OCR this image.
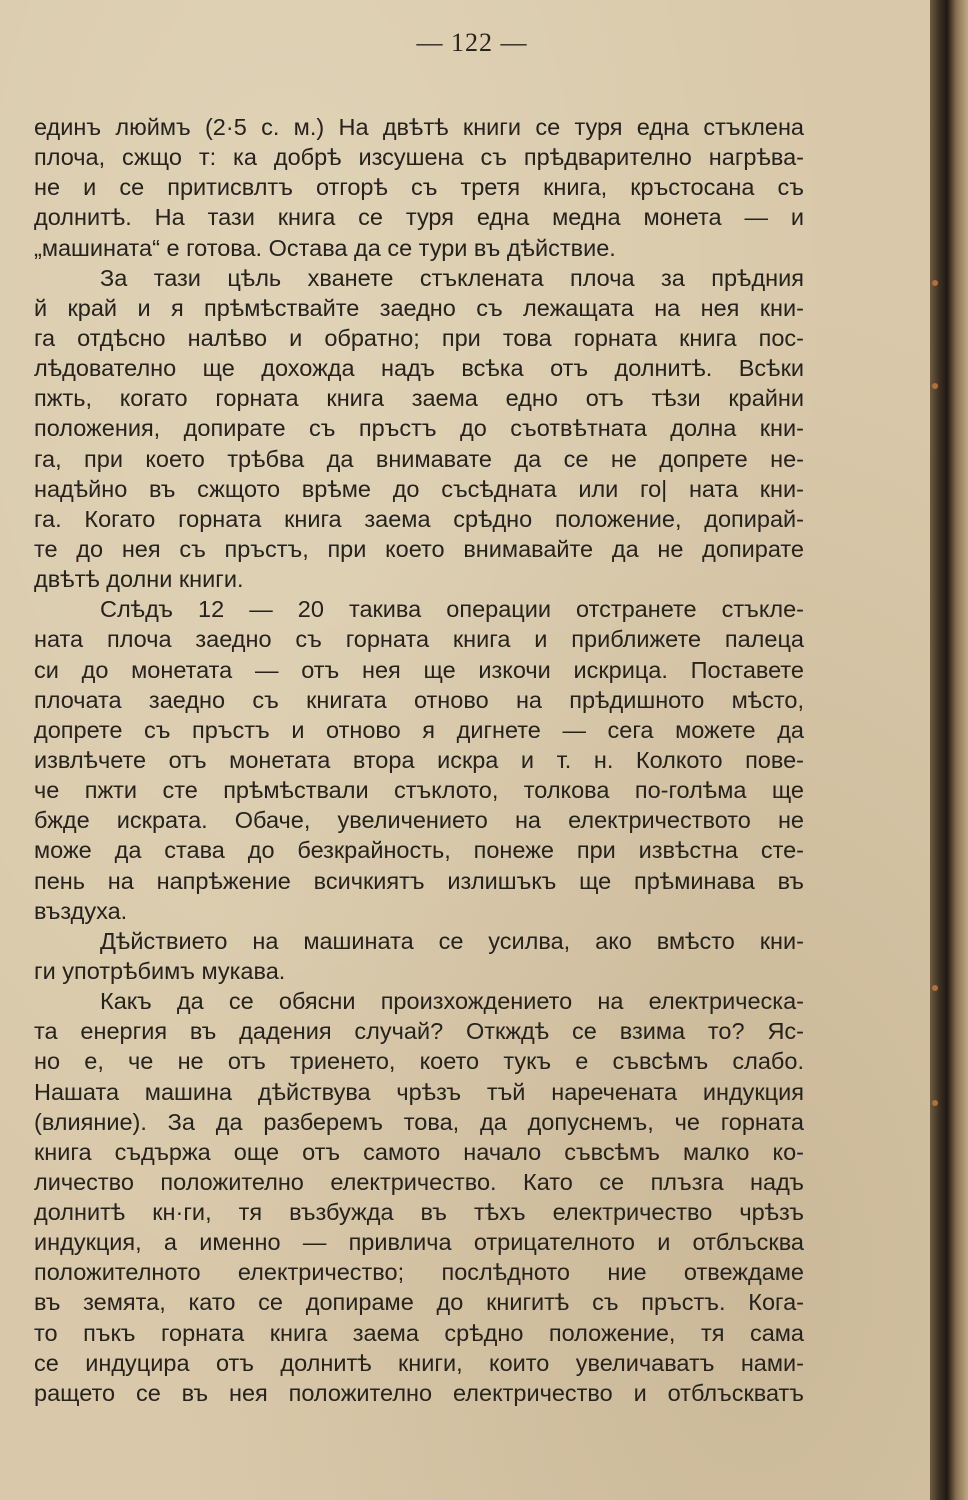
— 122 —
единъ люймъ (2·5 с. м.) На двѣтѣ книги се туря една стъклена
плоча, сжщо т: ка добрѣ изсушена съ прѣдварително нагрѣва-
не и се притисвлтъ отгорѣ съ третя книга, кръстосана съ
долнитѣ. На тази книга се туря една медна монета — и
„машината“ е готова. Остава да се тури въ дѣйствие.
За тази цѣль хванете стъклената плоча за прѣдния
й край и я прѣмѣствайте заедно съ лежащата на нея кни-
га отдѣсно налѣво и обратно; при това горната книга пос-
лѣдователно ще дохожда надъ всѣка отъ долнитѣ. Всѣки
пжть, когато горната книга заема едно отъ тѣзи крайни
положения, допирате съ пръстъ до съотвѣтната долна кни-
га, при което трѣбва да внимавате да се не допрете не-
надѣйно въ сжщото врѣме до съсѣдната или го| ната кни-
га. Когато горната книга заема срѣдно положение, допирай-
те до нея съ пръстъ, при което внимавайте да не допирате
двѣтѣ долни книги.
Слѣдъ 12 — 20 такива операции отстранете стъкле-
ната плоча заедно съ горната книга и приближете палеца
си до монетата — отъ нея ще изкочи искрица. Поставете
плочата заедно съ книгата отново на прѣдишното мѣсто,
допрете съ пръстъ и отново я дигнете — сега можете да
извлѣчете отъ монетата втора искра и т. н. Колкото пове-
че пжти сте прѣмѣствали стъклото, толкова по-голѣма ще
бжде искрата. Обаче, увеличението на електричеството не
може да става до безкрайность, понеже при извѣстна сте-
пень на напрѣжение всичкиятъ излишъкъ ще прѣминава въ
въздуха.
Дѣйствието на машината се усилва, ако вмѣсто кни-
ги употрѣбимъ мукава.
Какъ да се обясни произхождението на електрическа-
та енергия въ дадения случай? Откждѣ се взима то? Яс-
но е, че не отъ триенето, което тукъ е съвсѣмъ слабо.
Нашата машина дѣйствува чрѣзъ тъй наречената индукция
(влияние). За да разберемъ това, да допуснемъ, че горната
книга съдържа още отъ самото начало съвсѣмъ малко ко-
личество положително електричество. Като се плъзга надъ
долнитѣ кн·ги, тя възбужда въ тѣхъ електричество чрѣзъ
индукция, а именно — привлича отрицателното и отблъсква
положителното електричество; послѣдното ние отвеждаме
въ земята, като се допираме до книгитѣ съ пръстъ. Кога-
то пъкъ горната книга заема срѣдно положение, тя сама
се индуцира отъ долнитѣ книги, които увеличаватъ нами-
ращето се въ нея положително електричество и отблъскватъ
